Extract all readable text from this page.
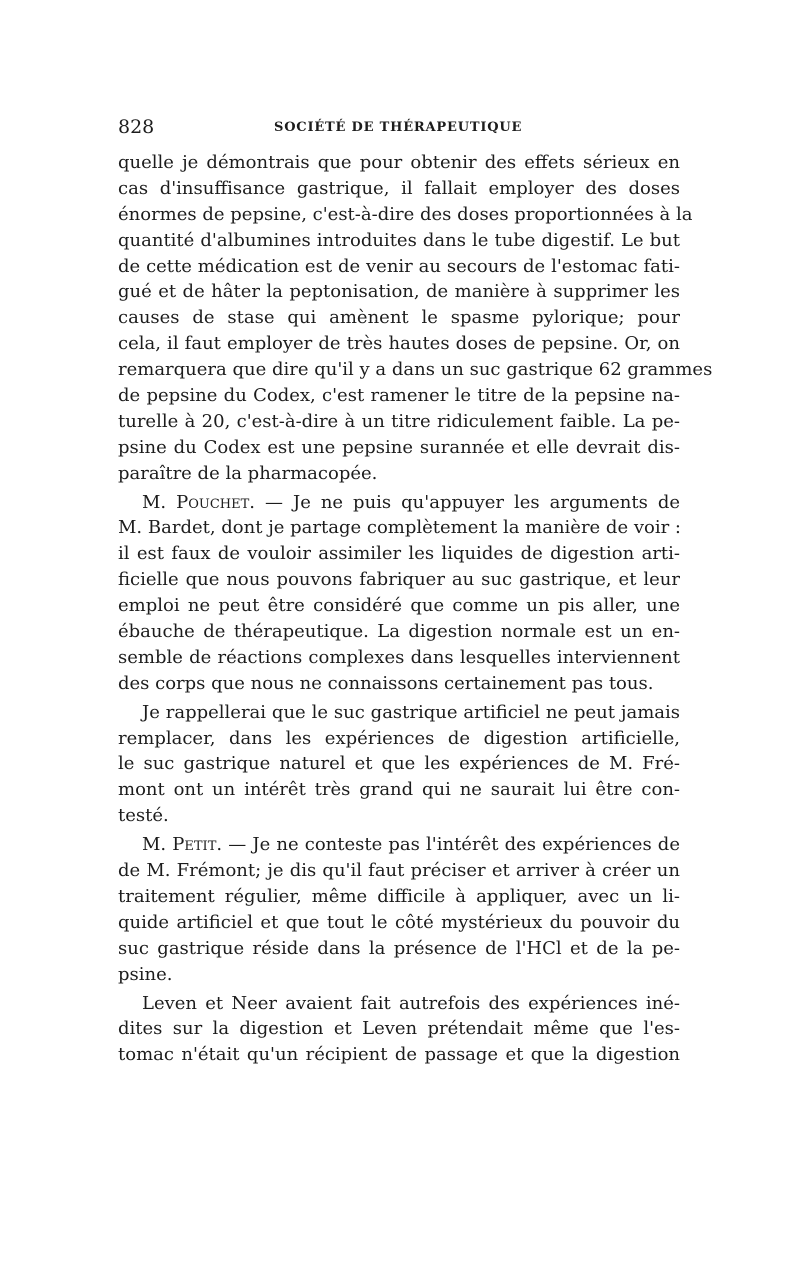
828	SOCIÉTÉ DE THÉRAPEUTIQUE
quelle je démontrais que pour obtenir des effets sérieux en
cas d'insuffisance gastrique, il fallait employer des doses
énormes de pepsine, c'est-à-dire des doses proportionnées à la
quantité d'albumines introduites dans le tube digestif. Le but
de cette médication est de venir au secours de l'estomac fati-
gué et de hâter la peptonisation, de manière à supprimer les
causes de stase qui amènent le spasme pylorique; pour
cela, il faut employer de très hautes doses de pepsine. Or, on
remarquera que dire qu'il y a dans un suc gastrique 62 grammes
de pepsine du Codex, c'est ramener le titre de la pepsine na-
turelle à 20, c'est-à-dire à un titre ridiculement faible. La pe-
psine du Codex est une pepsine surannée et elle devrait dis-
paraître de la pharmacopée.
M. Pouchet. — Je ne puis qu'appuyer les arguments de
M. Bardet, dont je partage complètement la manière de voir :
il est faux de vouloir assimiler les liquides de digestion arti-
ficielle que nous pouvons fabriquer au suc gastrique, et leur
emploi ne peut être considéré que comme un pis aller, une
ébauche de thérapeutique. La digestion normale est un en-
semble de réactions complexes dans lesquelles interviennent
des corps que nous ne connaissons certainement pas tous.
Je rappellerai que le suc gastrique artificiel ne peut jamais
remplacer, dans les expériences de digestion artificielle,
le suc gastrique naturel et que les expériences de M. Fré-
mont ont un intérêt très grand qui ne saurait lui être con-
testé.
M. Petit. — Je ne conteste pas l'intérêt des expériences de
de M. Frémont; je dis qu'il faut préciser et arriver à créer un
traitement régulier, même difficile à appliquer, avec un li-
quide artificiel et que tout le côté mystérieux du pouvoir du
suc gastrique réside dans la présence de l'HCl et de la pe-
psine.
Leven et Neer avaient fait autrefois des expériences iné-
dites sur la digestion et Leven prétendait même que l'es-
tomac n'était qu'un récipient de passage et que la digestion
